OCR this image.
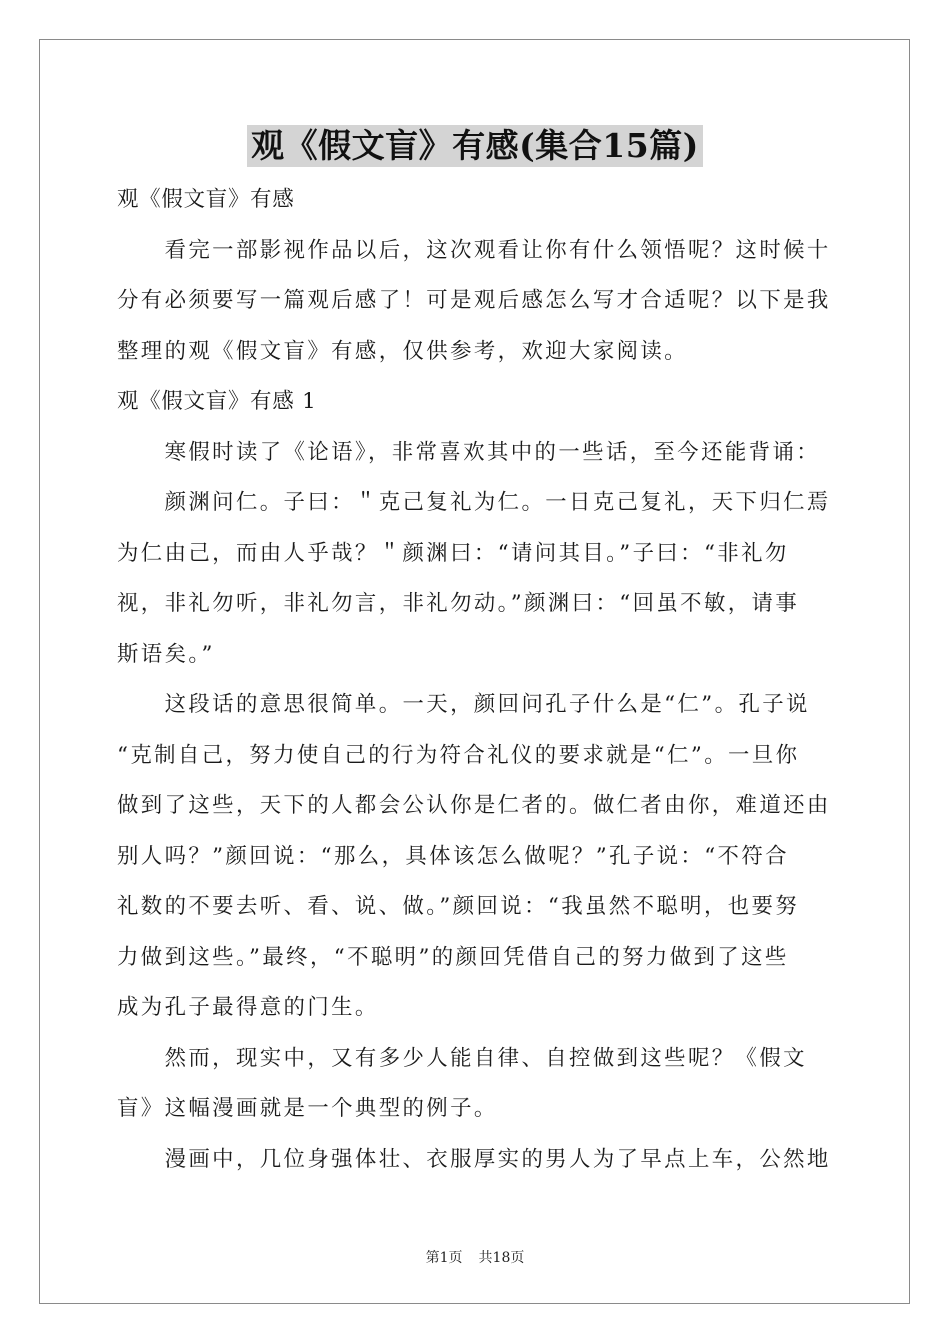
观《假文盲》有感(集合15篇)
观《假文盲》有感
　　看完一部影视作品以后，这次观看让你有什么领悟呢？这时候十
分有必须要写一篇观后感了！可是观后感怎么写才合适呢？以下是我
整理的观《假文盲》有感，仅供参考，欢迎大家阅读。
观《假文盲》有感 1
　　寒假时读了《论语》，非常喜欢其中的一些话，至今还能背诵：
　　颜渊问仁。子曰：＂克己复礼为仁。一日克己复礼，天下归仁焉
为仁由己，而由人乎哉？＂颜渊曰：“请问其目。”子曰：“非礼勿
视，非礼勿听，非礼勿言，非礼勿动。”颜渊曰：“回虽不敏，请事
斯语矣。”
　　这段话的意思很简单。一天，颜回问孔子什么是“仁”。孔子说
“克制自己，努力使自己的行为符合礼仪的要求就是“仁”。一旦你
做到了这些，天下的人都会公认你是仁者的。做仁者由你，难道还由
别人吗？”颜回说：“那么，具体该怎么做呢？”孔子说：“不符合
礼数的不要去听、看、说、做。”颜回说：“我虽然不聪明，也要努
力做到这些。”最终，“不聪明”的颜回凭借自己的努力做到了这些
成为孔子最得意的门生。
　　然而，现实中，又有多少人能自律、自控做到这些呢？《假文
盲》这幅漫画就是一个典型的例子。
　　漫画中，几位身强体壮、衣服厚实的男人为了早点上车，公然地
第1页 共18页
